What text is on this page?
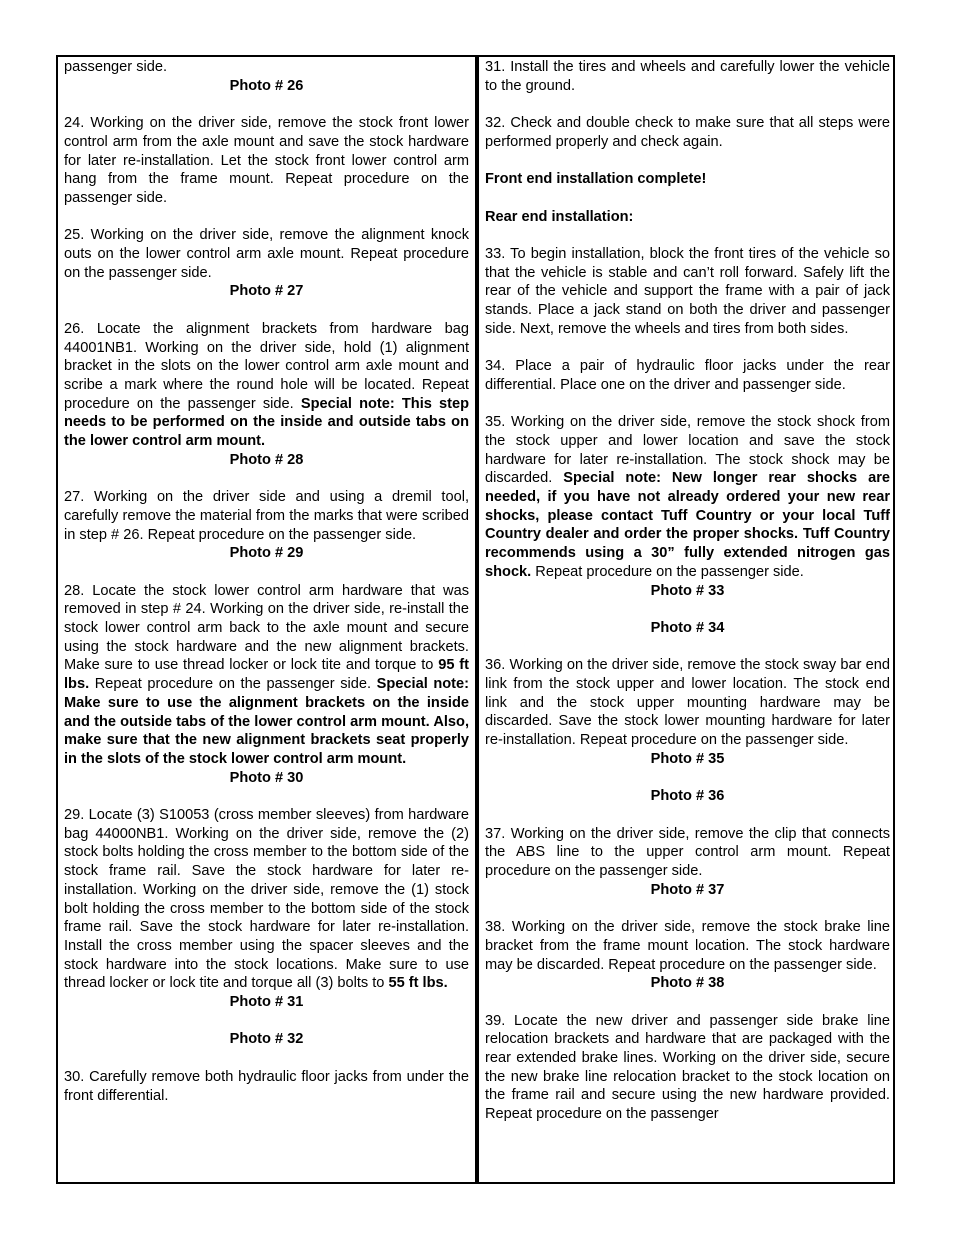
passenger side.

Photo # 26

24. Working on the driver side, remove the stock front lower control arm from the axle mount and save the stock hardware for later re-installation. Let the stock front lower control arm hang from the frame mount. Repeat procedure on the passenger side.

25. Working on the driver side, remove the alignment knock outs on the lower control arm axle mount. Repeat procedure on the passenger side.

Photo # 27

26. Locate the alignment brackets from hardware bag 44001NB1. Working on the driver side, hold (1) alignment bracket in the slots on the lower control arm axle mount and scribe a mark where the round hole will be located. Repeat procedure on the passenger side. Special note: This step needs to be performed on the inside and outside tabs on the lower control arm mount.

Photo # 28

27. Working on the driver side and using a dremil tool, carefully remove the material from the marks that were scribed in step # 26. Repeat procedure on the passenger side.

Photo # 29

28. Locate the stock lower control arm hardware that was removed in step # 24. Working on the driver side, re-install the stock lower control arm back to the axle mount and secure using the stock hardware and the new alignment brackets. Make sure to use thread locker or lock tite and torque to 95 ft lbs. Repeat procedure on the passenger side. Special note: Make sure to use the alignment brackets on the inside and the outside tabs of the lower control arm mount. Also, make sure that the new alignment brackets seat properly in the slots of the stock lower control arm mount.

Photo # 30

29. Locate (3) S10053 (cross member sleeves) from hardware bag 44000NB1. Working on the driver side, remove the (2) stock bolts holding the cross member to the bottom side of the stock frame rail. Save the stock hardware for later re-installation. Working on the driver side, remove the (1) stock bolt holding the cross member to the bottom side of the stock frame rail. Save the stock hardware for later re-installation. Install the cross member using the spacer sleeves and the stock hardware into the stock locations. Make sure to use thread locker or lock tite and torque all (3) bolts to 55 ft lbs.

Photo # 31

Photo # 32

30. Carefully remove both hydraulic floor jacks from under the front differential.

31. Install the tires and wheels and carefully lower the vehicle to the ground.

32. Check and double check to make sure that all steps were performed properly and check again.

Front end installation complete!

Rear end installation:

33. To begin installation, block the front tires of the vehicle so that the vehicle is stable and can’t roll forward. Safely lift the rear of the vehicle and support the frame with a pair of jack stands. Place a jack stand on both the driver and passenger side. Next, remove the wheels and tires from both sides.

34. Place a pair of hydraulic floor jacks under the rear differential. Place one on the driver and passenger side.

35. Working on the driver side, remove the stock shock from the stock upper and lower location and save the stock hardware for later re-installation. The stock shock may be discarded. Special note: New longer rear shocks are needed, if you have not already ordered your new rear shocks, please contact Tuff Country or your local Tuff Country dealer and order the proper shocks. Tuff Country recommends using a 30” fully extended nitrogen gas shock. Repeat procedure on the passenger side.

Photo # 33

Photo # 34

36. Working on the driver side, remove the stock sway bar end link from the stock upper and lower location. The stock end link and the stock upper mounting hardware may be discarded. Save the stock lower mounting hardware for later re-installation. Repeat procedure on the passenger side.

Photo # 35

Photo # 36

37. Working on the driver side, remove the clip that connects the ABS line to the upper control arm mount. Repeat procedure on the passenger side.

Photo # 37

38. Working on the driver side, remove the stock brake line bracket from the frame mount location. The stock hardware may be discarded. Repeat procedure on the passenger side.

Photo # 38

39. Locate the new driver and passenger side brake line relocation brackets and hardware that are packaged with the rear extended brake lines. Working on the driver side, secure the new brake line relocation bracket to the stock location on the frame rail and secure using the new hardware provided. Repeat procedure on the passenger
